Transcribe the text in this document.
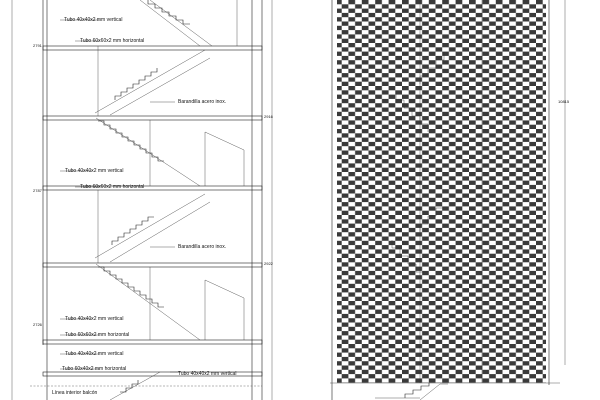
Tubo 40x40x2 mm vertical
Tubo 60x60x2 mm horizontal
Barandilla acero inox.
Tubo 40x40x2 mm vertical
Tubo 60x60x2 mm horizontal
Barandilla acero inox.
Tubo 40x40x2 mm vertical
Tubo 60x60x2 mm horizontal
Tubo 40x40x2 mm vertical
Tubo 60x40x2 mm horizontal
Tubo 40x40x2 mm vertical
Línea interior balcón
2791
2787
2726
2916
2922
10815
